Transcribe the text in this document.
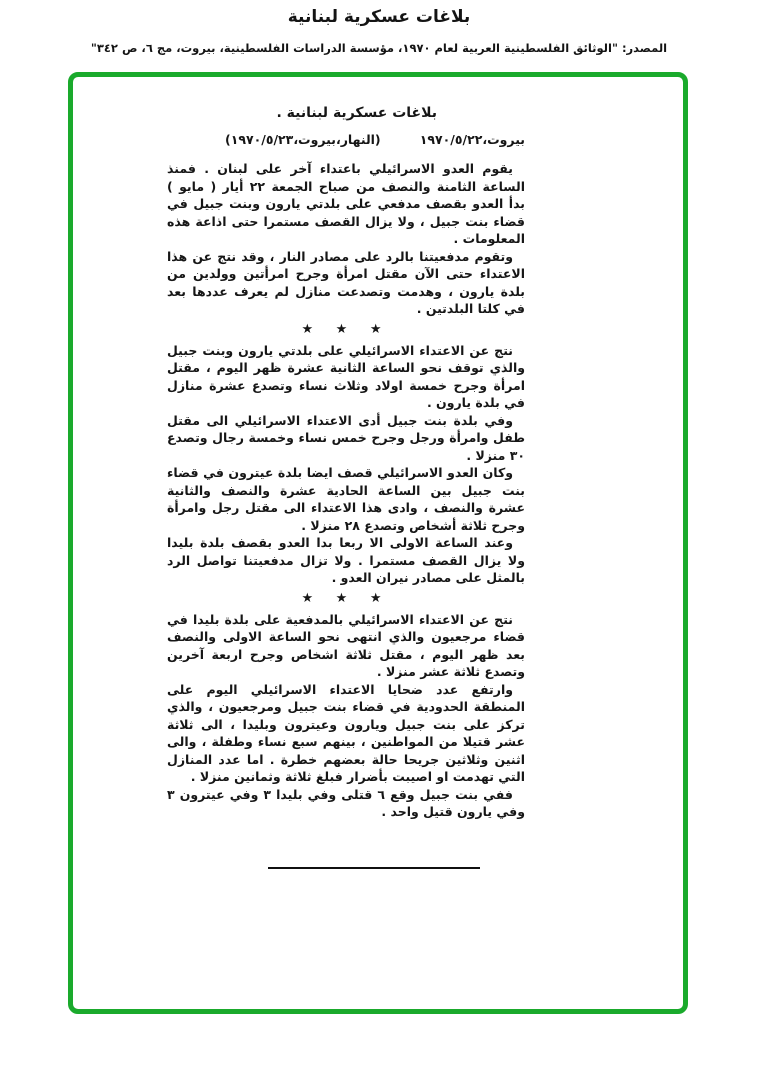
بلاغات عسكرية لبنانية
المصدر: "الوثائق الفلسطينية العربية لعام ١٩٧٠، مؤسسة الدراسات الفلسطينية، بيروت، مج ٦، ص ٣٤٢"
بلاغات عسكرية لبنانية .
بيروت،٢٢‏/‏٥‏/‏١٩٧٠
(النهار،بيروت،٢٣‏/‏٥‏/‏١٩٧٠)

يقوم العدو الاسرائيلي باعتداء آخر على لبنان . فمنذ الساعة الثامنة والنصف من صباح الجمعة ٢٢ أيار ( مايو ) بدأ العدو بقصف مدفعي على بلدتي يارون وبنت جبيل في قضاء بنت جبيل ، ولا يزال القصف مستمرا حتى اذاعة هذه المعلومات .

وتقوم مدفعيتنا بالرد على مصادر النار ، وقد نتج عن هذا الاعتداء حتى الآن مقتل امرأة وجرح امرأتين وولدين من بلدة يارون ، وهدمت وتصدعت منازل لم يعرف عددها بعد في كلتا البلدتين .

★ ★ ★

نتج عن الاعتداء الاسرائيلي على بلدتي يارون وبنت جبيل والذي توقف نحو الساعة الثانية عشرة ظهر اليوم ، مقتل امرأة وجرح خمسة اولاد وثلاث نساء وتصدع عشرة منازل في بلدة يارون .

وفي بلدة بنت جبيل أدى الاعتداء الاسرائيلي الى مقتل طفل وامرأة ورجل وجرح خمس نساء وخمسة رجال وتصدع ٣٠ منزلا .

وكان العدو الاسرائيلي قصف ايضا بلدة عيترون في قضاء بنت جبيل بين الساعة الحادية عشرة والنصف والثانية عشرة والنصف ، وادى هذا الاعتداء الى مقتل رجل وامرأة وجرح ثلاثة أشخاص وتصدع ٢٨ منزلا .

وعند الساعة الاولى الا ربعا بدا العدو بقصف بلدة بليدا ولا يزال القصف مستمرا . ولا تزال مدفعيتنا تواصل الرد بالمثل على مصادر نيران العدو .

★ ★ ★

نتج عن الاعتداء الاسرائيلي بالمدفعية على بلدة بليدا في قضاء مرجعيون والذي انتهى نحو الساعة الاولى والنصف بعد ظهر اليوم ، مقتل ثلاثة اشخاص وجرح اربعة آخرين وتصدع ثلاثة عشر منزلا .

وارتفع عدد ضحايا الاعتداء الاسرائيلي اليوم على المنطقة الحدودية في قضاء بنت جبيل ومرجعيون ، والذي تركز على بنت جبيل ويارون وعيترون وبليدا ، الى ثلاثة عشر قتيلا من المواطنين ، بينهم سبع نساء وطفلة ، والى اثنين وثلاثين جريحا حالة بعضهم خطرة . اما عدد المنازل التي تهدمت او اصيبت بأضرار فبلغ ثلاثة وثمانين منزلا .

ففي بنت جبيل وقع ٦ قتلى وفي بليدا ٣ وفي عيترون ٣ وفي يارون قتيل واحد .
